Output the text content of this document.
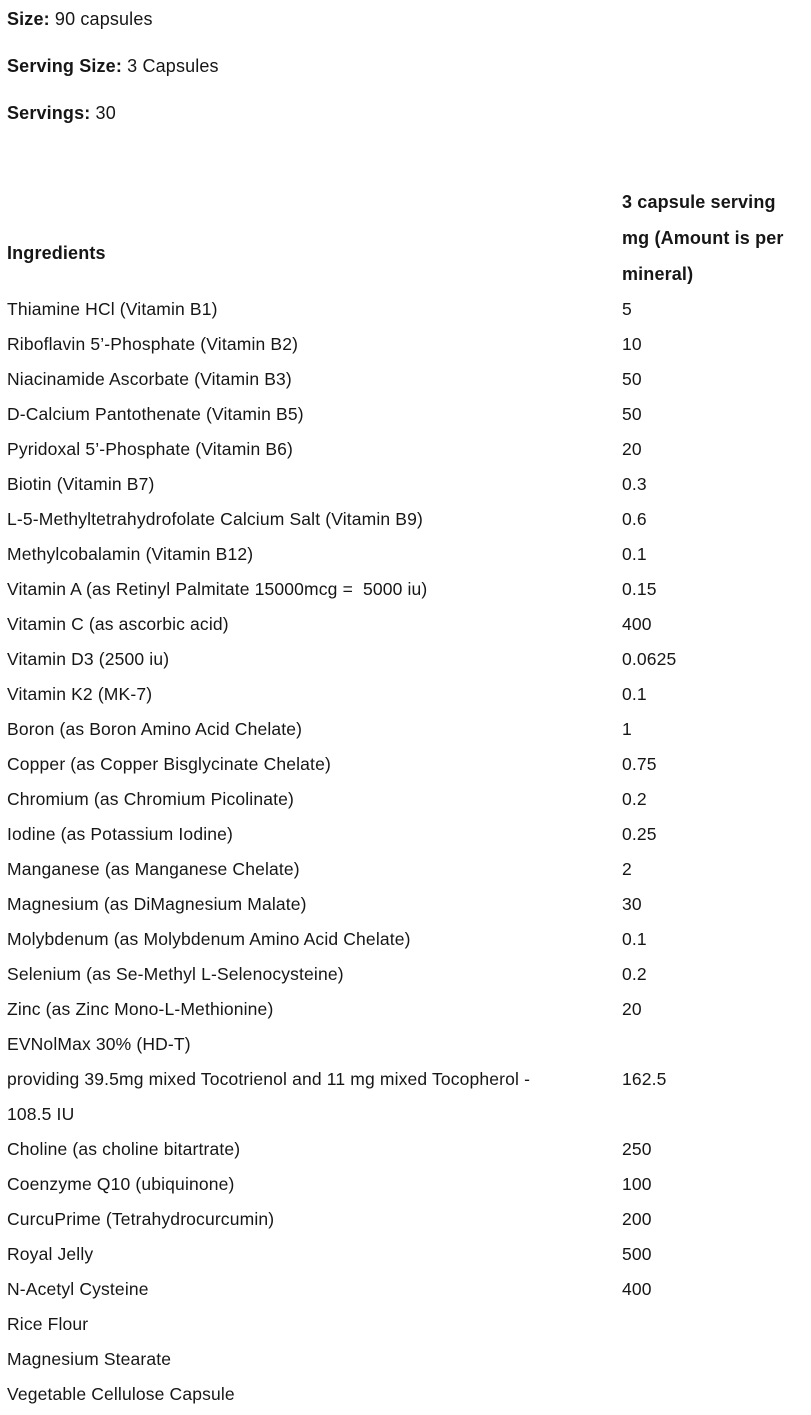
Size: 90 capsules

Serving Size: 3 Capsules

Servings: 30

Ingredients	3 capsule serving mg (Amount is per mineral)
Thiamine HCl (Vitamin B1)	5
Riboflavin 5’-Phosphate (Vitamin B2)	10
Niacinamide Ascorbate (Vitamin B3)	50
D-Calcium Pantothenate (Vitamin B5)	50
Pyridoxal 5’-Phosphate (Vitamin B6)	20
Biotin (Vitamin B7)	0.3
L-5-Methyltetrahydrofolate Calcium Salt (Vitamin B9)	0.6
Methylcobalamin (Vitamin B12)	0.1
Vitamin A (as Retinyl Palmitate 15000mcg =  5000 iu)	0.15
Vitamin C (as ascorbic acid)	400
Vitamin D3 (2500 iu)	0.0625
Vitamin K2 (MK-7)	0.1
Boron (as Boron Amino Acid Chelate)	1
Copper (as Copper Bisglycinate Chelate)	0.75
Chromium (as Chromium Picolinate)	0.2
Iodine (as Potassium Iodine)	0.25
Manganese (as Manganese Chelate)	2
Magnesium (as DiMagnesium Malate)	30
Molybdenum (as Molybdenum Amino Acid Chelate)	0.1
Selenium (as Se-Methyl L-Selenocysteine)	0.2
Zinc (as Zinc Mono-L-Methionine)	20
EVNolMax 30% (HD-T)	
providing 39.5mg mixed Tocotrienol and 11 mg mixed Tocopherol - 108.5 IU	162.5
Choline (as choline bitartrate)	250
Coenzyme Q10 (ubiquinone)	100
CurcuPrime (Tetrahydrocurcumin)	200
Royal Jelly	500
N-Acetyl Cysteine	400
Rice Flour	
Magnesium Stearate	
Vegetable Cellulose Capsule	
